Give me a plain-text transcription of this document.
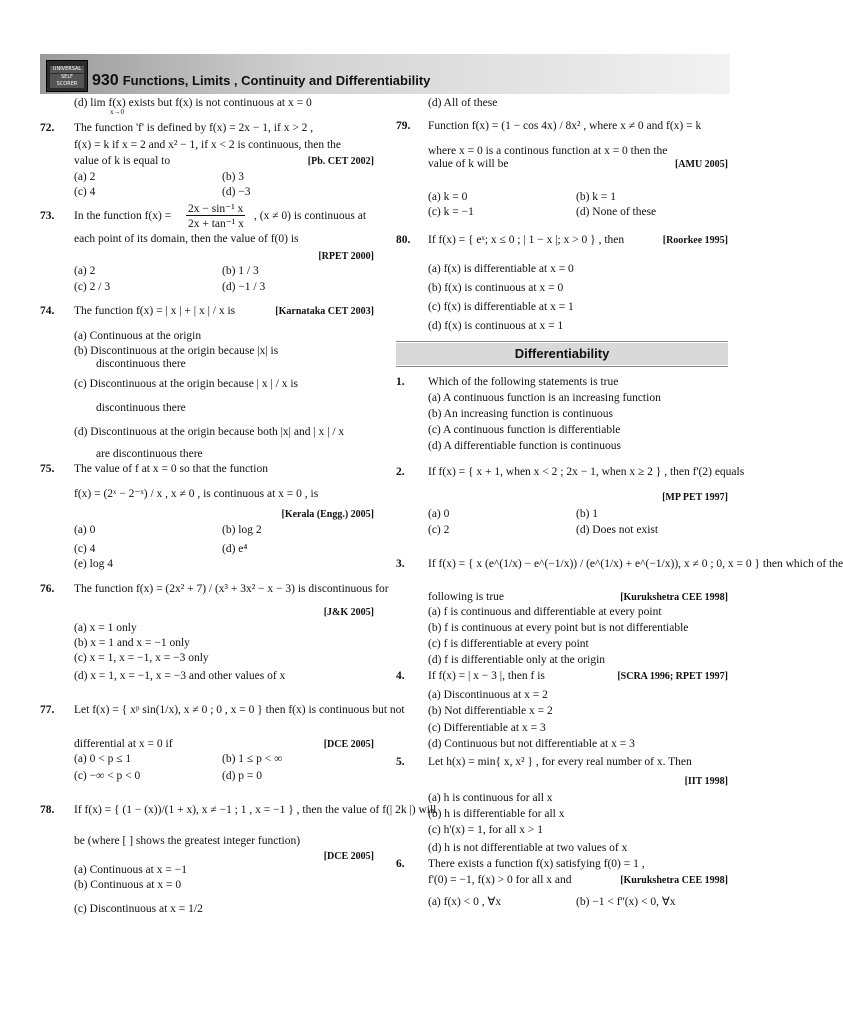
UNIVERSAL
SELF SCORER 930 Functions, Limits , Continuity and Differentiability
(d) lim f(x) exists but f(x) is not continuous at x = 0
x→0
72. The function 'f' is defined by f(x) = 2x − 1, if x > 2 ,
f(x) = k if x = 2 and x² − 1, if x < 2 is continuous, then the
value of k is equal to	[Pb. CET 2002]
(a) 2	(b) 3
(c) 4	(d) −3
73. In the function f(x) =
2x − sin⁻¹ x
2x + tan⁻¹ x
, (x ≠ 0) is continuous at
each point of its domain, then the value of f(0) is
[RPET 2000]
(a) 2	(b) 1 / 3
(c) 2 / 3	(d) −1 / 3
74. The function f(x) = | x | + | x | / x is	[Karnataka CET 2003]
(a) Continuous at the origin
(b) Discontinuous at the origin because |x| is
discontinuous there
(c) Discontinuous at the origin because | x | / x is
discontinuous there
(d) Discontinuous at the origin because both |x| and | x | / x
are discontinuous there
75. The value of f at x = 0 so that the function
f(x) = (2ˣ − 2⁻ˣ) / x , x ≠ 0 , is continuous at x = 0 , is
[Kerala (Engg.) 2005]
(a) 0	(b) log 2
(c) 4	(d) e⁴
(e) log 4
76. The function f(x) = (2x² + 7) / (x³ + 3x² − x − 3) is discontinuous for
[J&K 2005]
(a) x = 1 only
(b) x = 1 and x = −1 only
(c) x = 1, x = −1, x = −3 only
(d) x = 1, x = −1, x = −3 and other values of x
77. Let f(x) = { xᵖ sin(1/x), x ≠ 0 ; 0 , x = 0 } then f(x) is continuous but not
differential at x = 0 if	[DCE 2005]
(a) 0 < p ≤ 1	(b) 1 ≤ p < ∞
(c) −∞ < p < 0	(d) p = 0
78. If f(x) = { (1 − (x))/(1 + x), x ≠ −1 ; 1 , x = −1 } , then the value of f(| 2k |) will
be (where [ ] shows the greatest integer function)
[DCE 2005]
(a) Continuous at x = −1
(b) Continuous at x = 0
(c) Discontinuous at x = 1/2
(d) All of these
79. Function f(x) = (1 − cos 4x) / 8x² , where x ≠ 0 and f(x) = k
where x = 0 is a continous function at x = 0 then the
value of k will be	[AMU 2005]
(a) k = 0	(b) k = 1
(c) k = −1	(d) None of these
80. If f(x) = { eˣ; x ≤ 0 ; | 1 − x |; x > 0 } , then	[Roorkee 1995]
(a) f(x) is differentiable at x = 0
(b) f(x) is continuous at x = 0
(c) f(x) is differentiable at x = 1
(d) f(x) is continuous at x = 1
Differentiability
1. Which of the following statements is true
(a) A continuous function is an increasing function
(b) An increasing function is continuous
(c) A continuous function is differentiable
(d) A differentiable function is continuous
2. If f(x) = { x + 1, when x < 2 ; 2x − 1, when x ≥ 2 } , then f'(2) equals
[MP PET 1997]
(a) 0	(b) 1
(c) 2	(d) Does not exist
3. If f(x) = { x (e^(1/x) − e^(−1/x)) / (e^(1/x) + e^(−1/x)), x ≠ 0 ; 0, x = 0 } then which of the
following is true	[Kurukshetra CEE 1998]
(a) f is continuous and differentiable at every point
(b) f is continuous at every point but is not differentiable
(c) f is differentiable at every point
(d) f is differentiable only at the origin
4. If f(x) = | x − 3 |, then f is	[SCRA 1996; RPET 1997]
(a) Discontinuous at x = 2
(b) Not differentiable x = 2
(c) Differentiable at x = 3
(d) Continuous but not differentiable at x = 3
5. Let h(x) = min{ x, x² } , for every real number of x. Then
[IIT 1998]
(a) h is continuous for all x
(b) h is differentiable for all x
(c) h'(x) = 1, for all x > 1
(d) h is not differentiable at two values of x
6. There exists a function f(x) satisfying f(0) = 1 ,
f'(0) = −1, f(x) > 0 for all x and	[Kurukshetra CEE 1998]
(a) f(x) < 0 , ∀x	(b) −1 < f''(x) < 0, ∀x
